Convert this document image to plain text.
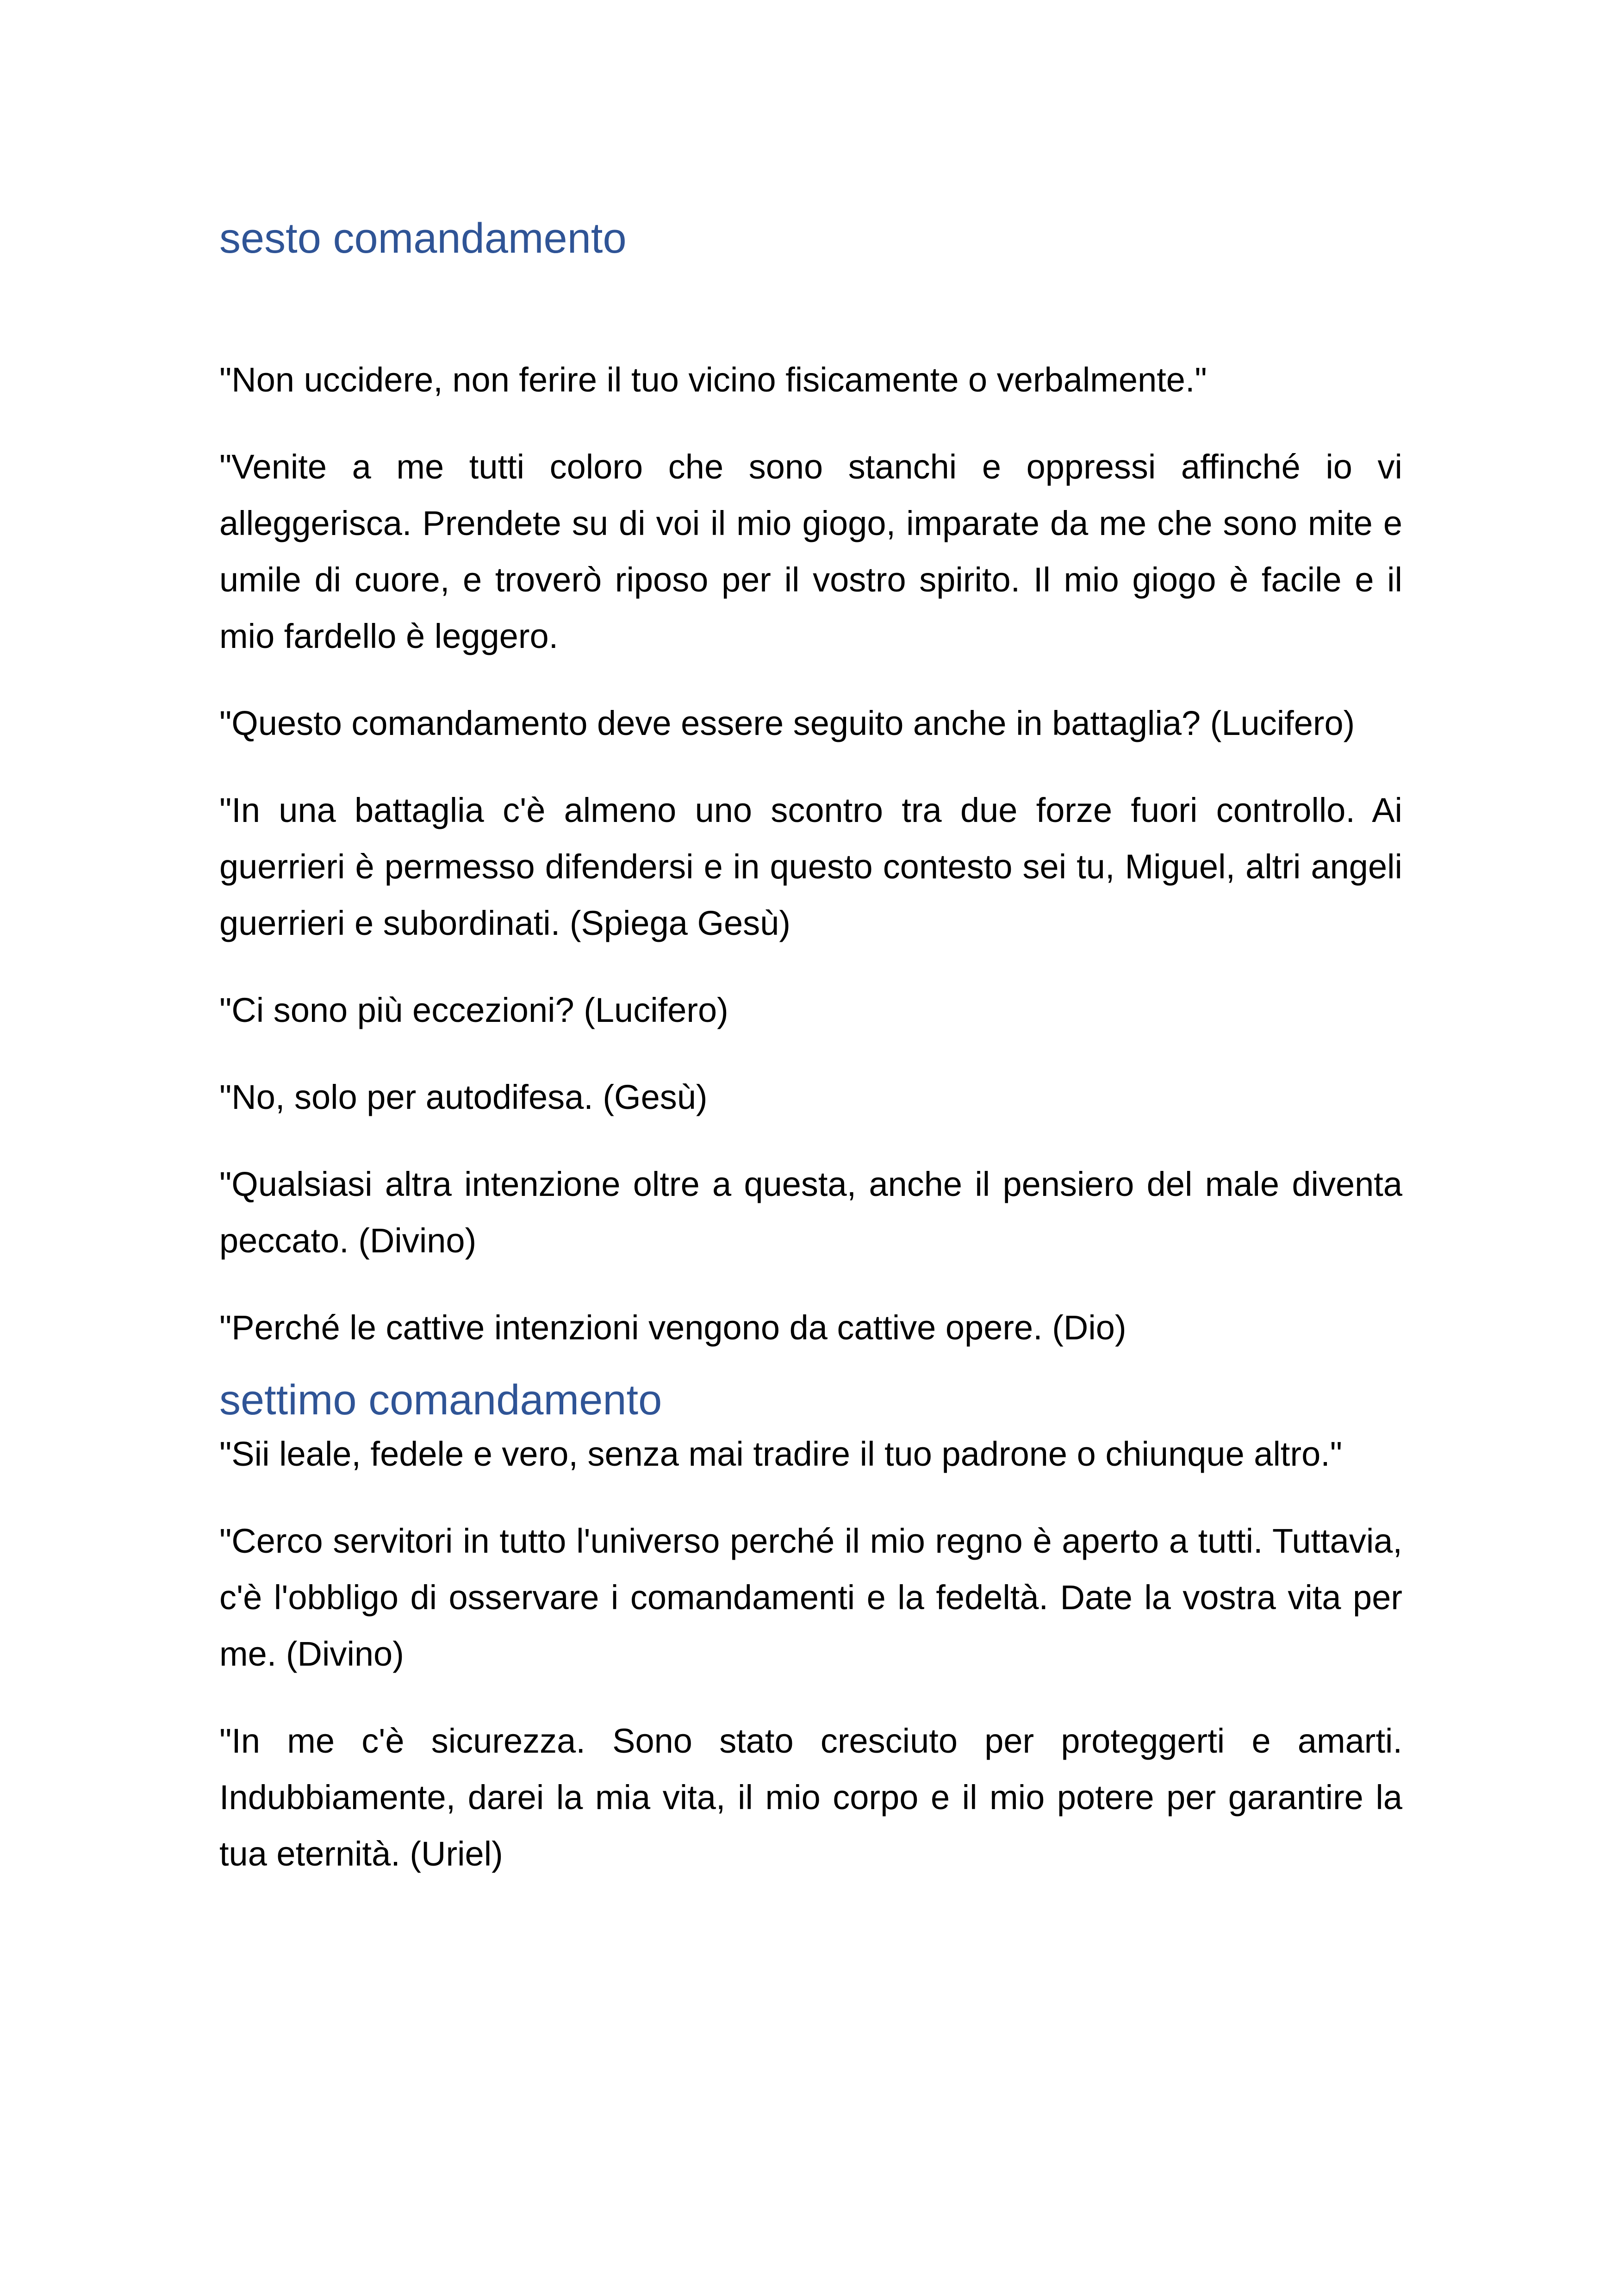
sesto comandamento

"Non uccidere, non ferire il tuo vicino fisicamente o verbalmente."

"Venite a me tutti coloro che sono stanchi e oppressi affinché io vi alleggerisca. Prendete su di voi il mio giogo, imparate da me che sono mite e umile di cuore, e troverò riposo per il vostro spirito. Il mio giogo è facile e il mio fardello è leggero.

"Questo comandamento deve essere seguito anche in battaglia? (Lucifero)

"In una battaglia c'è almeno uno scontro tra due forze fuori controllo. Ai guerrieri è permesso difendersi e in questo contesto sei tu, Miguel, altri angeli guerrieri e subordinati. (Spiega Gesù)

"Ci sono più eccezioni? (Lucifero)

"No, solo per autodifesa. (Gesù)

"Qualsiasi altra intenzione oltre a questa, anche il pensiero del male diventa peccato. (Divino)

"Perché le cattive intenzioni vengono da cattive opere. (Dio)

settimo comandamento

"Sii leale, fedele e vero, senza mai tradire il tuo padrone o chiunque altro."

"Cerco servitori in tutto l'universo perché il mio regno è aperto a tutti. Tuttavia, c'è l'obbligo di osservare i comandamenti e la fedeltà. Date la vostra vita per me. (Divino)

"In me c'è sicurezza. Sono stato cresciuto per proteggerti e amarti. Indubbiamente, darei la mia vita, il mio corpo e il mio potere per garantire la tua eternità. (Uriel)
